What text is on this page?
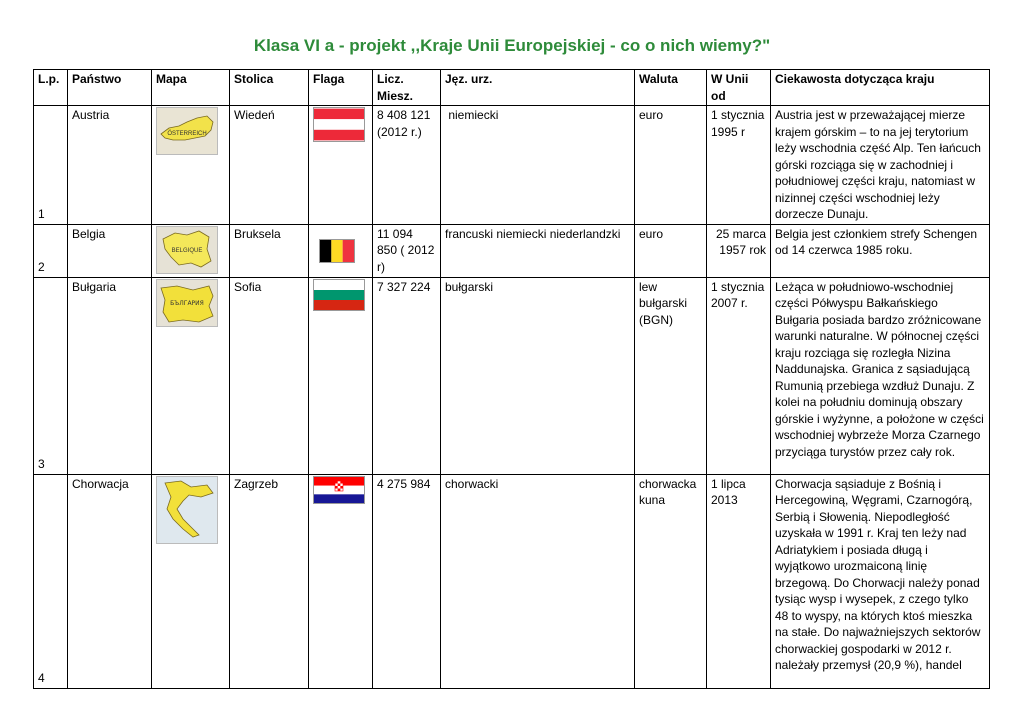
Klasa VI a - projekt ,,Kraje Unii Europejskiej - co o nich wiemy?"
L.p.	Państwo	Mapa	Stolica	Flaga	Licz. Miesz.	Jęz. urz.	Waluta	W Unii od	Ciekawosta dotycząca kraju
1	Austria	ÖSTERREICH	Wiedeń		8 408 121 (2012 r.)	niemiecki	euro	1 stycznia 1995 r	Austria jest w przeważającej mierze krajem górskim – to na jej terytorium leży wschodnia część Alp. Ten łańcuch górski rozciąga się w zachodniej i południowej części kraju, natomiast w nizinnej części wschodniej leży dorzecze Dunaju.
2	Belgia	BELGIQUE	Bruksela		11 094 850 ( 2012 r)	francuski niemiecki niederlandzki	euro	25 marca 1957 rok	Belgia jest członkiem strefy Schengen od 14 czerwca 1985 roku.
3	Bułgaria	БЪЛГАРИЯ	Sofia		7 327 224	bułgarski	lew bułgarski (BGN)	1 stycznia 2007 r.	Leżąca w południowo-wschodniej części Półwyspu Bałkańskiego Bułgaria posiada bardzo zróżnicowane warunki naturalne. W północnej części kraju rozciąga się rozległa Nizina Naddunajska. Granica z sąsiadującą Rumunią przebiega wzdłuż Dunaju. Z kolei na południu dominują obszary górskie i wyżynne, a położone w części wschodniej wybrzeże Morza Czarnego przyciąga turystów przez cały rok.
4	Chorwacja		Zagrzeb		4 275 984	chorwacki	chorwacka kuna	1 lipca 2013	Chorwacja sąsiaduje z Bośnią i Hercegowiną, Węgrami, Czarnogórą, Serbią i Słowenią. Niepodległość uzyskała w 1991 r. Kraj ten leży nad Adriatykiem i posiada długą i wyjątkowo urozmaiconą linię brzegową. Do Chorwacji należy ponad tysiąc wysp i wysepek, z czego tylko 48 to wyspy, na których ktoś mieszka na stałe. Do najważniejszych sektorów chorwackiej gospodarki w 2012 r. należały przemysł (20,9 %), handel
